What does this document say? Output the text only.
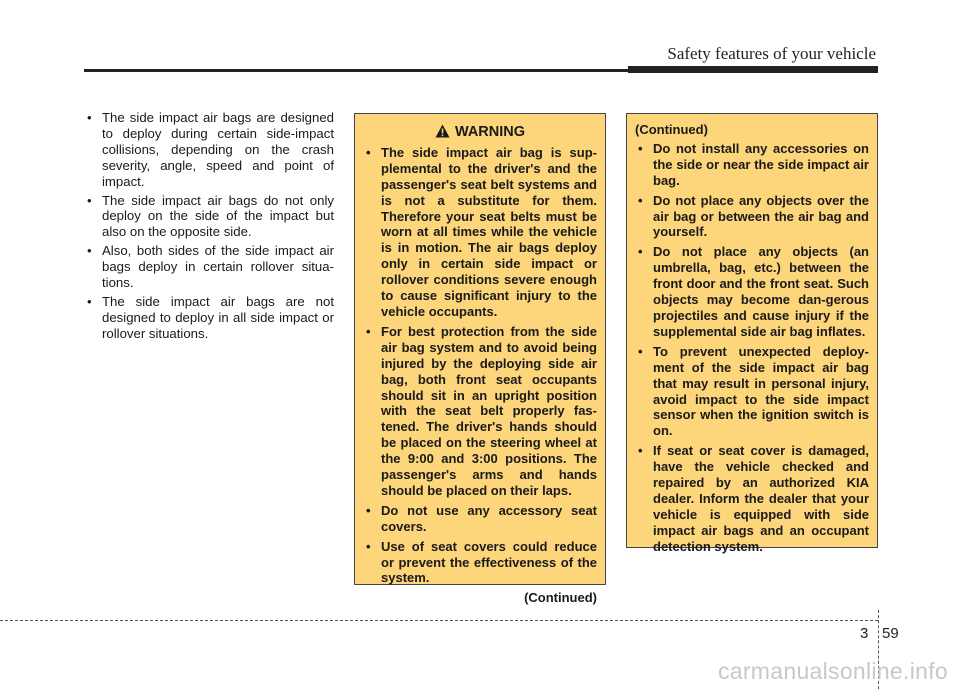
Safety features of your vehicle
• The side impact air bags are designed to deploy during certain side-impact collisions, depending on the crash severity, angle, speed and point of impact.
• The side impact air bags do not only deploy on the side of the impact but also on the opposite side.
• Also, both sides of the side impact air bags deploy in certain rollover situa-tions.
• The side impact air bags are not designed to deploy in all side impact or rollover situations.
WARNING
• The side impact air bag is sup-plemental to the driver's and the passenger's seat belt systems and is not a substitute for them. Therefore your seat belts must be worn at all times while the vehicle is in motion. The air bags deploy only in certain side impact or rollover conditions severe enough to cause significant injury to the vehicle occupants.
• For best protection from the side air bag system and to avoid being injured by the deploying side air bag, both front seat occupants should sit in an upright position with the seat belt properly fas-tened. The driver's hands should be placed on the steering wheel at the 9:00 and 3:00 positions. The passenger's arms and hands should be placed on their laps.
• Do not use any accessory seat covers.
• Use of seat covers could reduce or prevent the effectiveness of the system.
(Continued)
(Continued)
• Do not install any accessories on the side or near the side impact air bag.
• Do not place any objects over the air bag or between the air bag and yourself.
• Do not place any objects (an umbrella, bag, etc.) between the front door and the front seat. Such objects may become dan-gerous projectiles and cause injury if the supplemental side air bag inflates.
• To prevent unexpected deploy-ment of the side impact air bag that may result in personal injury, avoid impact to the side impact sensor when the ignition switch is on.
• If seat or seat cover is damaged, have the vehicle checked and repaired by an authorized KIA dealer. Inform the dealer that your vehicle is equipped with side impact air bags and an occupant detection system.
3 59
carmanualsonline.info
